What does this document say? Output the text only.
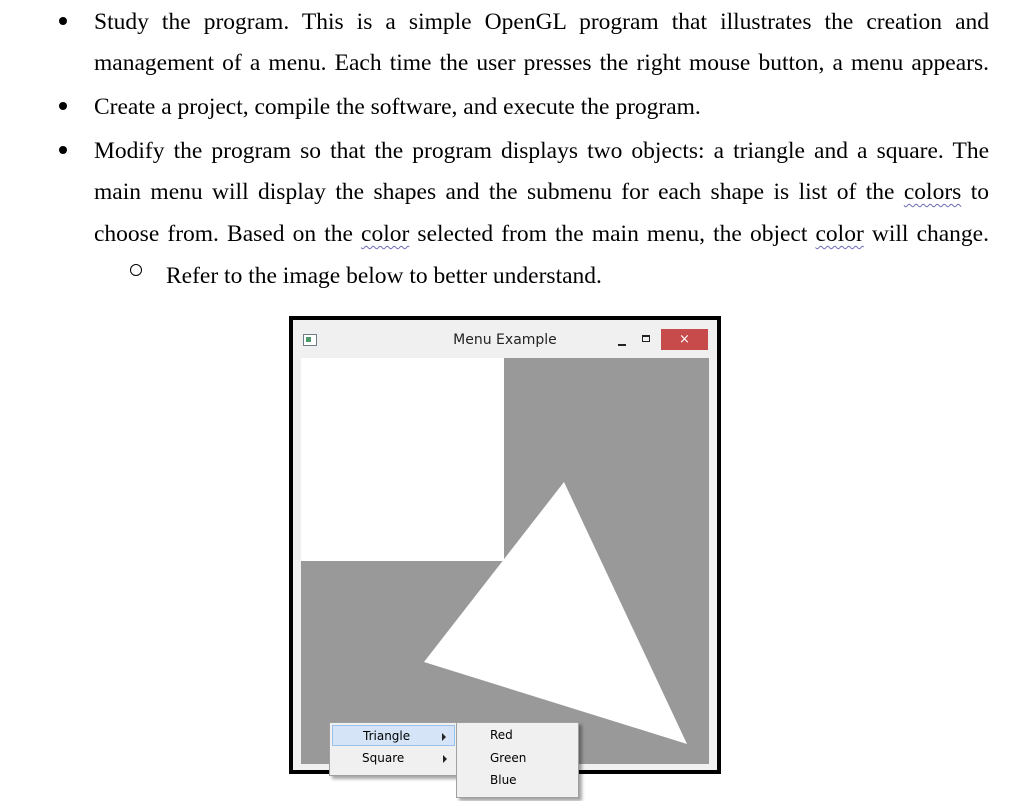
Study the program. This is a simple OpenGL program that illustrates the creation and
management of a menu. Each time the user presses the right mouse button, a menu appears.
Create a project, compile the software, and execute the program.
Modify the program so that the program displays two objects: a triangle and a square. The
main menu will display the shapes and the submenu for each shape is list of the colors to
choose from. Based on the color selected from the main menu, the object color will change.
Refer to the image below to better understand.
Menu Example	×
Triangle
Square
Red
Green
Blue
